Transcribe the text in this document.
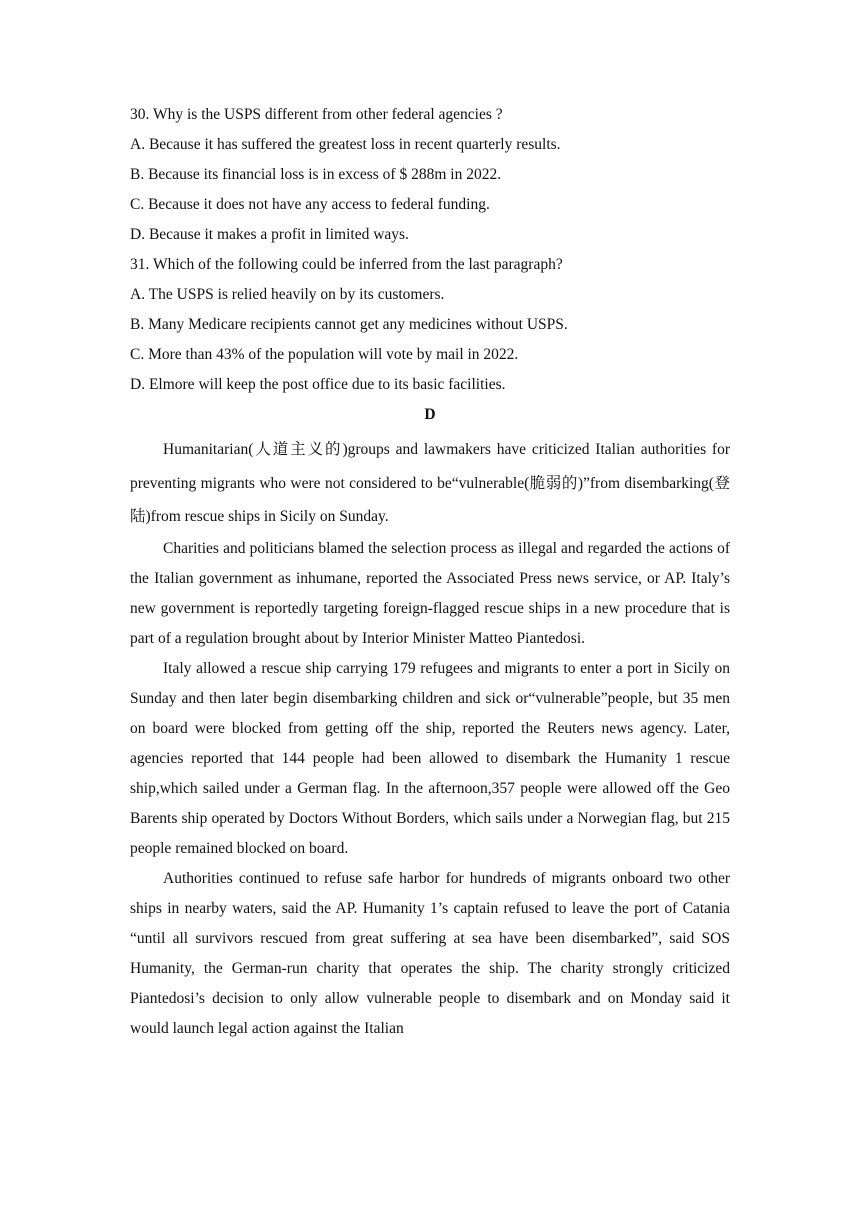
30. Why is the USPS different from other federal agencies ?
A. Because it has suffered the greatest loss in recent quarterly results.
B. Because its financial loss is in excess of $ 288m in 2022.
C. Because it does not have any access to federal funding.
D. Because it makes a profit in limited ways.
31. Which of the following could be inferred from the last paragraph?
A. The USPS is relied heavily on by its customers.
B. Many Medicare recipients cannot get any medicines without USPS.
C. More than 43% of the population will vote by mail in 2022.
D. Elmore will keep the post office due to its basic facilities.
D

Humanitarian(人道主义的)groups and lawmakers have criticized Italian authorities for preventing migrants who were not considered to be“vulnerable(脆弱的)”from disembarking(登陆)from rescue ships in Sicily on Sunday.

Charities and politicians blamed the selection process as illegal and regarded the actions of the Italian government as inhumane, reported the Associated Press news service, or AP. Italy’s new government is reportedly targeting foreign-flagged rescue ships in a new procedure that is part of a regulation brought about by Interior Minister Matteo Piantedosi.

Italy allowed a rescue ship carrying 179 refugees and migrants to enter a port in Sicily on Sunday and then later begin disembarking children and sick or“vulnerable”people, but 35 men on board were blocked from getting off the ship, reported the Reuters news agency. Later, agencies reported that 144 people had been allowed to disembark the Humanity 1 rescue ship,which sailed under a German flag. In the afternoon,357 people were allowed off the Geo Barents ship operated by Doctors Without Borders, which sails under a Norwegian flag, but 215 people remained blocked on board.

Authorities continued to refuse safe harbor for hundreds of migrants onboard two other ships in nearby waters, said the AP. Humanity 1’s captain refused to leave the port of Catania “until all survivors rescued from great suffering at sea have been disembarked”, said SOS Humanity, the German-run charity that operates the ship. The charity strongly criticized Piantedosi’s decision to only allow vulnerable people to disembark and on Monday said it would launch legal action against the Italian
